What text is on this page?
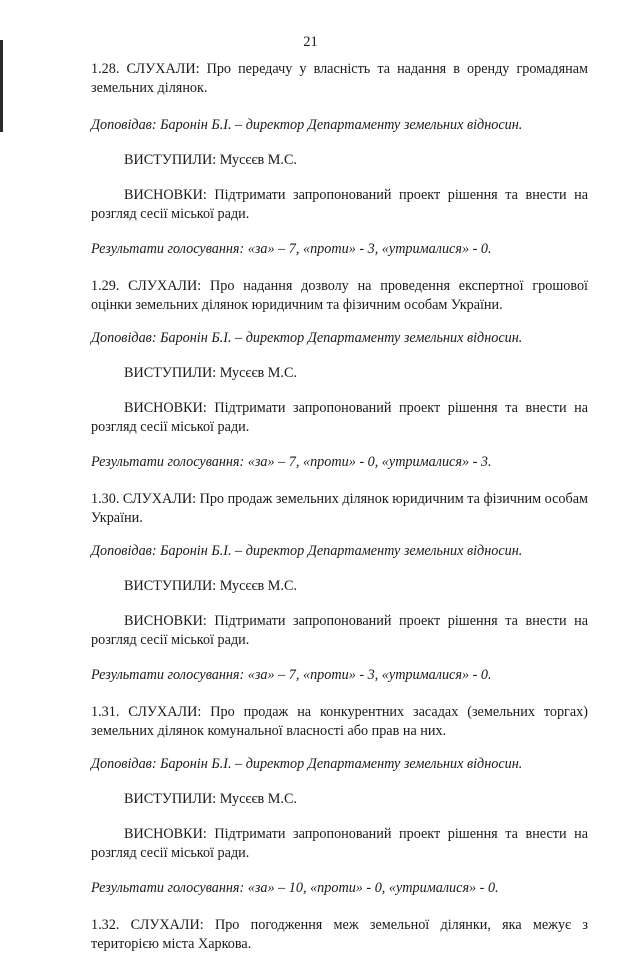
21

1.28. СЛУХАЛИ: Про передачу у власність та надання в оренду громадянам земельних ділянок.

Доповідав: Баронін Б.І. – директор Департаменту земельних відносин.

ВИСТУПИЛИ: Мусєєв М.С.

ВИСНОВКИ: Підтримати запропонований проект рішення та внести на розгляд сесії міської ради.

Результати голосування: «за» – 7, «проти» - 3, «утрималися» - 0.

1.29. СЛУХАЛИ: Про надання дозволу на проведення експертної грошової оцінки земельних ділянок юридичним та фізичним особам України.

Доповідав: Баронін Б.І. – директор Департаменту земельних відносин.

ВИСТУПИЛИ: Мусєєв М.С.

ВИСНОВКИ: Підтримати запропонований проект рішення та внести на розгляд сесії міської ради.

Результати голосування: «за» – 7, «проти» - 0, «утрималися» - 3.

1.30. СЛУХАЛИ: Про продаж земельних ділянок юридичним та фізичним особам України.

Доповідав: Баронін Б.І. – директор Департаменту земельних відносин.

ВИСТУПИЛИ: Мусєєв М.С.

ВИСНОВКИ: Підтримати запропонований проект рішення та внести на розгляд сесії міської ради.

Результати голосування: «за» – 7, «проти» - 3, «утрималися» - 0.

1.31. СЛУХАЛИ: Про продаж на конкурентних засадах (земельних торгах) земельних ділянок комунальної власності або прав на них.

Доповідав: Баронін Б.І. – директор Департаменту земельних відносин.

ВИСТУПИЛИ: Мусєєв М.С.

ВИСНОВКИ: Підтримати запропонований проект рішення та внести на розгляд сесії міської ради.

Результати голосування: «за» – 10, «проти» - 0, «утрималися» - 0.

1.32. СЛУХАЛИ: Про погодження меж земельної ділянки, яка межує з територією міста Харкова.
